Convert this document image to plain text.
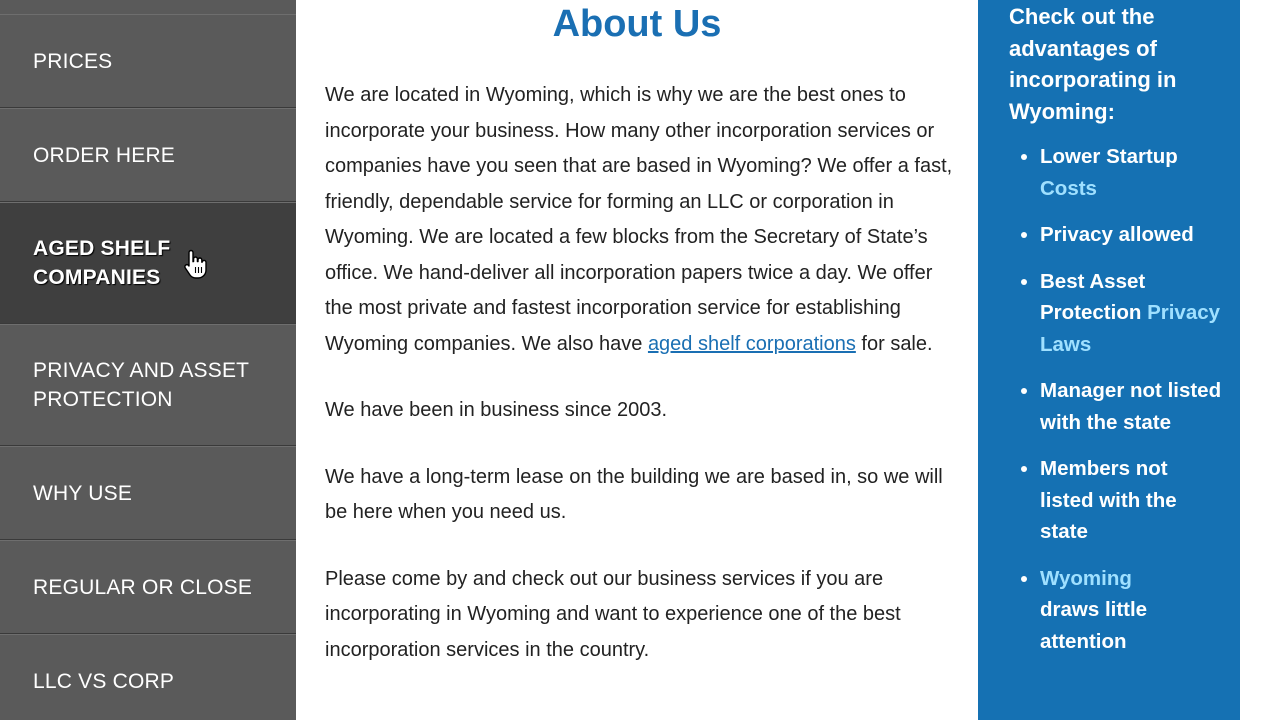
PRICES
ORDER HERE
AGED SHELF COMPANIES
PRIVACY AND ASSET PROTECTION
WHY USE
REGULAR OR CLOSE
LLC VS CORP
About Us

We are located in Wyoming, which is why we are the best ones to incorporate your business. How many other incorporation services or companies have you seen that are based in Wyoming? We offer a fast, friendly, dependable service for forming an LLC or corporation in Wyoming. We are located a few blocks from the Secretary of State’s office. We hand-deliver all incorporation papers twice a day. We offer the most private and fastest incorporation service for establishing Wyoming companies. We also have aged shelf corporations for sale.

We have been in business since 2003.

We have a long-term lease on the building we are based in, so we will be here when you need us.

Please come by and check out our business services if you are incorporating in Wyoming and want to experience one of the best incorporation services in the country.

Check out the advantages of incorporating in Wyoming:
Lower Startup Costs
Privacy allowed
Best Asset Protection Privacy Laws
Manager not listed with the state
Members not listed with the state
Wyoming
draws little attention
